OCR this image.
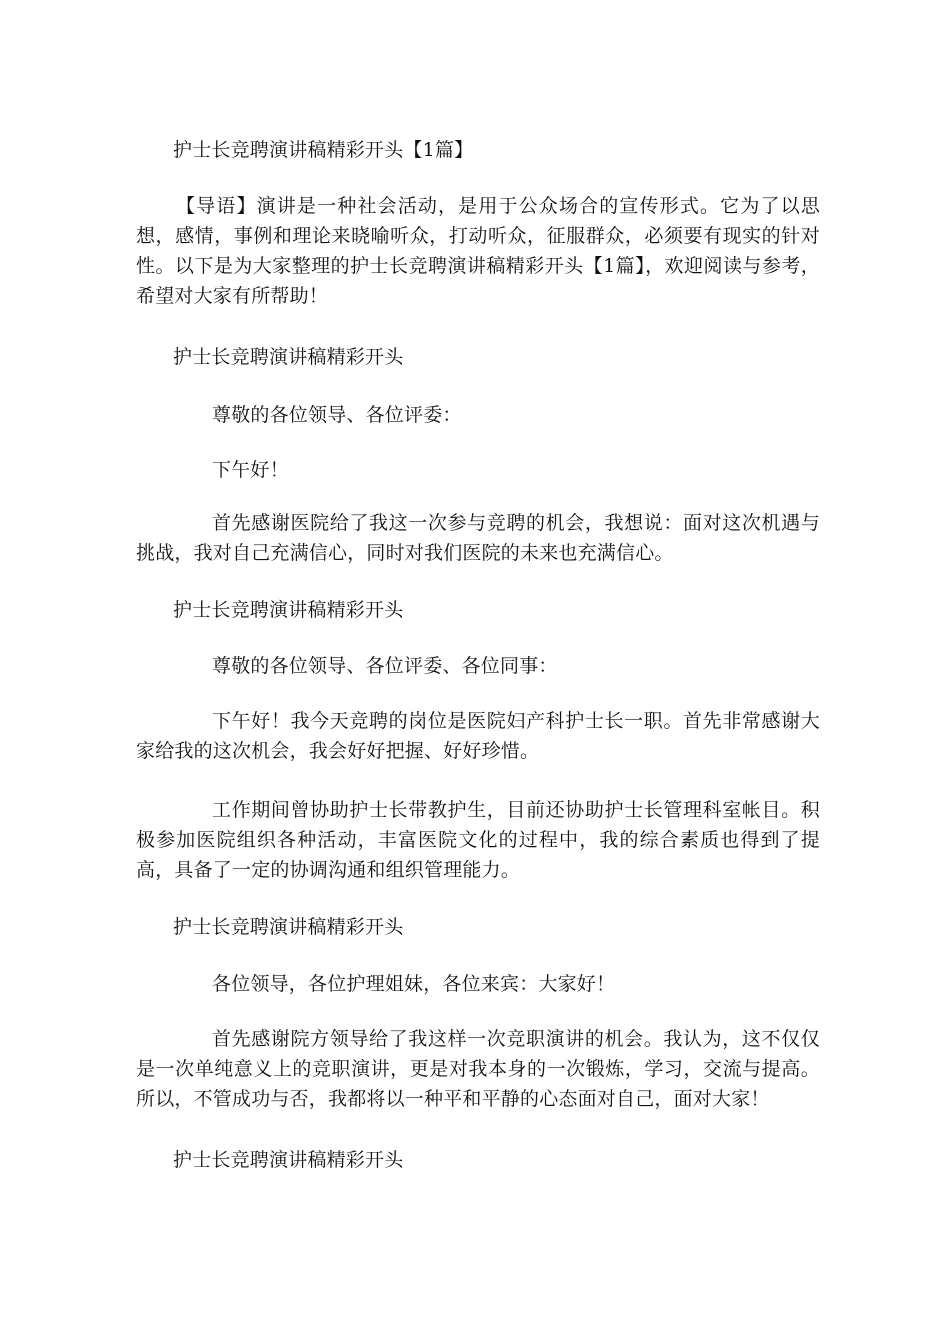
护士长竞聘演讲稿精彩开头【1篇】
【导语】演讲是一种社会活动，是用于公众场合的宣传形式。它为了以思想，感情，事例和理论来晓喻听众，打动听众，征服群众，必须要有现实的针对性。以下是为大家整理的护士长竞聘演讲稿精彩开头【1篇】，欢迎阅读与参考，希望对大家有所帮助！
护士长竞聘演讲稿精彩开头
尊敬的各位领导、各位评委：
下午好！
首先感谢医院给了我这一次参与竞聘的机会，我想说：面对这次机遇与挑战，我对自己充满信心，同时对我们医院的未来也充满信心。
护士长竞聘演讲稿精彩开头
尊敬的各位领导、各位评委、各位同事：
下午好！我今天竞聘的岗位是医院妇产科护士长一职。首先非常感谢大家给我的这次机会，我会好好把握、好好珍惜。
工作期间曾协助护士长带教护生，目前还协助护士长管理科室帐目。积极参加医院组织各种活动，丰富医院文化的过程中，我的综合素质也得到了提高，具备了一定的协调沟通和组织管理能力。
护士长竞聘演讲稿精彩开头
各位领导，各位护理姐妹，各位来宾：大家好！
首先感谢院方领导给了我这样一次竞职演讲的机会。我认为，这不仅仅是一次单纯意义上的竞职演讲，更是对我本身的一次锻炼，学习，交流与提高。所以，不管成功与否，我都将以一种平和平静的心态面对自己，面对大家！
护士长竞聘演讲稿精彩开头
